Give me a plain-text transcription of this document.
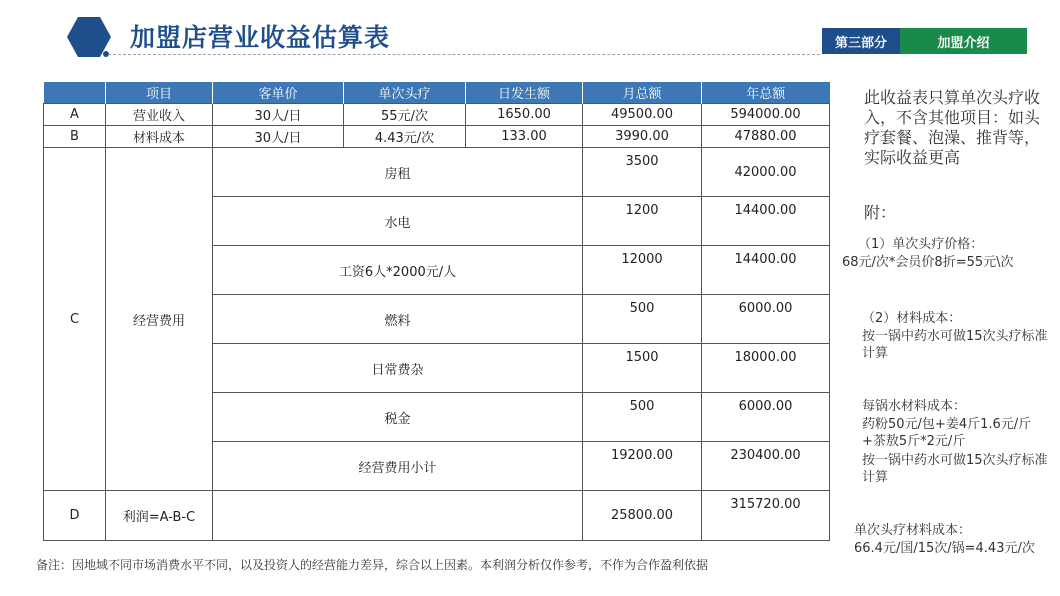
加盟店营业收益估算表	第三部分	加盟介绍
	项目	客单价	单次头疗	日发生额	月总额	年总额
A	营业收入	30人/日	55元/次	1650.00	49500.00	594000.00
B	材料成本	30人/日	4.43元/次	133.00	3990.00	47880.00
C	经营费用	房租			3500	42000.00
		水电			1200	14400.00
		工资6人*2000元/人			12000	14400.00
		燃料			500	6000.00
		日常费杂			1500	18000.00
		税金			500	6000.00
		经营费用小计			19200.00	230400.00
D	利润=A-B-C				25800.00	315720.00
此收益表只算单次头疗收入，不含其他项目：如头疗套餐、泡澡、推背等，实际收益更高
附：
（1）单次头疗价格：
68元/次*会员价8折=55元\次
（2）材料成本：
按一锅中药水可做15次头疗标准计算
每锅水材料成本：
药粉50元/包+姜4斤1.6元/斤+茶敖5斤*2元/斤
按一锅中药水可做15次头疗标准计算
单次头疗材料成本：
66.4元/国/15次/锅=4.43元/次
备注：因地域不同市场消费水平不同，以及投资人的经营能力差异，综合以上因素。本利润分析仅作参考，不作为合作盈利依据
